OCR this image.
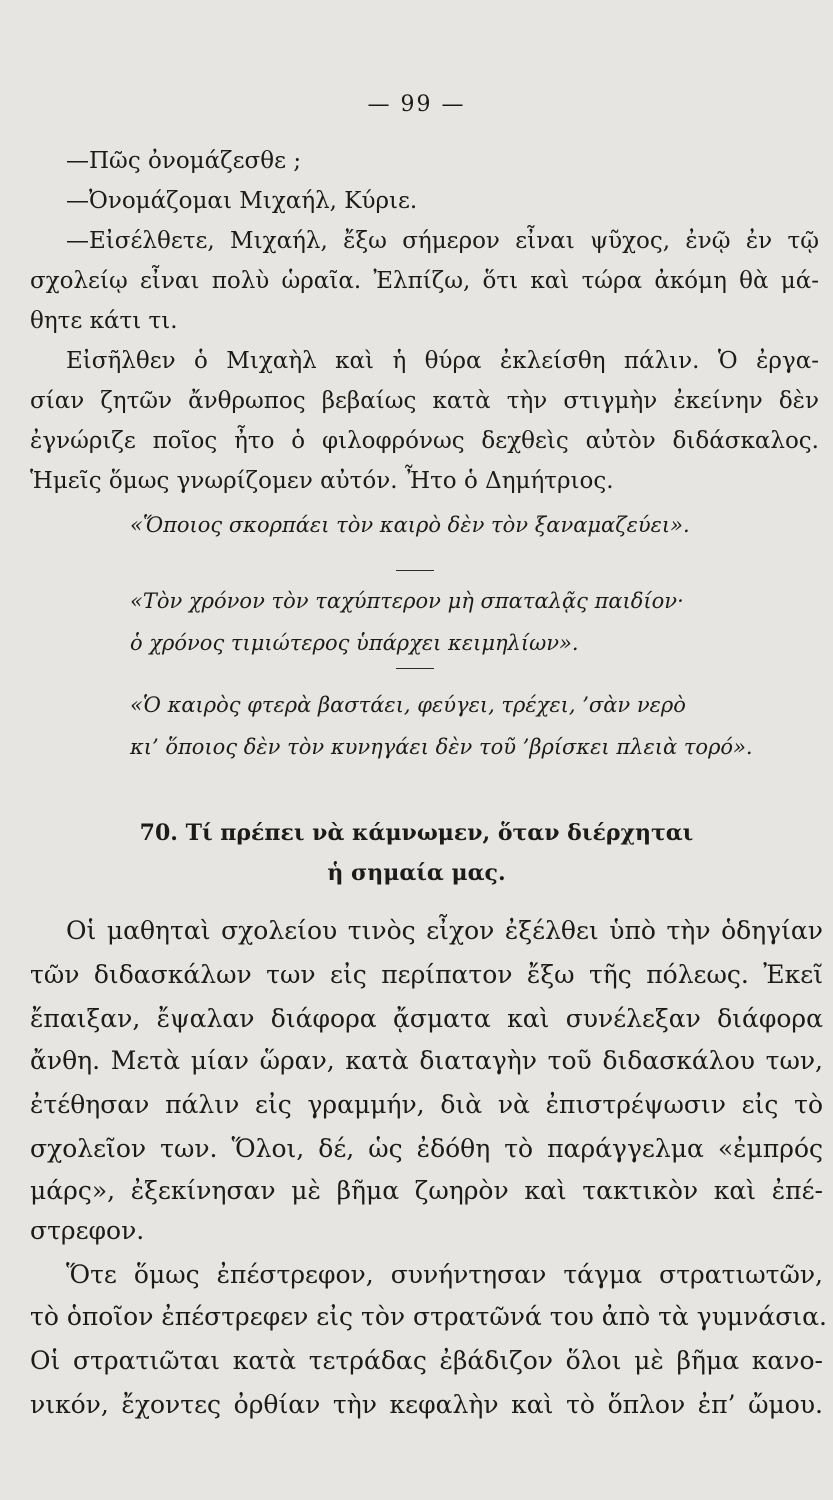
— 99 —
—Πῶς ὀνομάζεσθε ;
—Ὀνομάζομαι Μιχαήλ, Κύριε.
—Εἰσέλθετε, Μιχαήλ, ἔξω σήμερον εἶναι ψῦχος, ἐνῷ ἐν τῷ
σχολείῳ εἶναι πολὺ ὡραῖα. Ἐλπίζω, ὅτι καὶ τώρα ἀκόμη θὰ μά-
θητε κάτι τι.
Εἰσῆλθεν ὁ Μιχαὴλ καὶ ἡ θύρα ἐκλείσθη πάλιν. Ὁ ἐργα-
σίαν ζητῶν ἄνθρωπος βεβαίως κατὰ τὴν στιγμὴν ἐκείνην δὲν
ἐγνώριζε ποῖος ἦτο ὁ φιλοφρόνως δεχθεὶς αὐτὸν διδάσκαλος.
Ἡμεῖς ὅμως γνωρίζομεν αὐτόν. Ἦτο ὁ Δημήτριος.
«Ὅποιος σκορπάει τὸν καιρὸ δὲν τὸν ξαναμαζεύει».
«Τὸν χρόνον τὸν ταχύπτερον μὴ σπαταλᾷς παιδίον·
ὁ χρόνος τιμιώτερος ὑπάρχει κειμηλίων».
«Ὁ καιρὸς φτερὰ βαστάει, φεύγει, τρέχει, ’σὰν νερὸ
κι’ ὅποιος δὲν τὸν κυνηγάει δὲν τοῦ ’βρίσκει πλειὰ τορό».
70. Τί πρέπει νὰ κάμνωμεν, ὅταν διέρχηται
ἡ σημαία μας.
Οἱ μαθηταὶ σχολείου τινὸς εἶχον ἐξέλθει ὑπὸ τὴν ὁδηγίαν
τῶν διδασκάλων των εἰς περίπατον ἔξω τῆς πόλεως. Ἐκεῖ
ἔπαιξαν, ἔψαλαν διάφορα ᾄσματα καὶ συνέλεξαν διάφορα
ἄνθη. Μετὰ μίαν ὥραν, κατὰ διαταγὴν τοῦ διδασκάλου των,
ἐτέθησαν πάλιν εἰς γραμμήν, διὰ νὰ ἐπιστρέψωσιν εἰς τὸ
σχολεῖον των. Ὅλοι, δέ, ὡς ἐδόθη τὸ παράγγελμα «ἐμπρός
μάρς», ἐξεκίνησαν μὲ βῆμα ζωηρὸν καὶ τακτικὸν καὶ ἐπέ-
στρεφον.
Ὅτε ὅμως ἐπέστρεφον, συνήντησαν τάγμα στρατιωτῶν,
τὸ ὁποῖον ἐπέστρεφεν εἰς τὸν στρατῶνά του ἀπὸ τὰ γυμνάσια.
Οἱ στρατιῶται κατὰ τετράδας ἐβάδιζον ὅλοι μὲ βῆμα κανο-
νικόν, ἔχοντες ὀρθίαν τὴν κεφαλὴν καὶ τὸ ὅπλον ἐπ’ ὤμου.
